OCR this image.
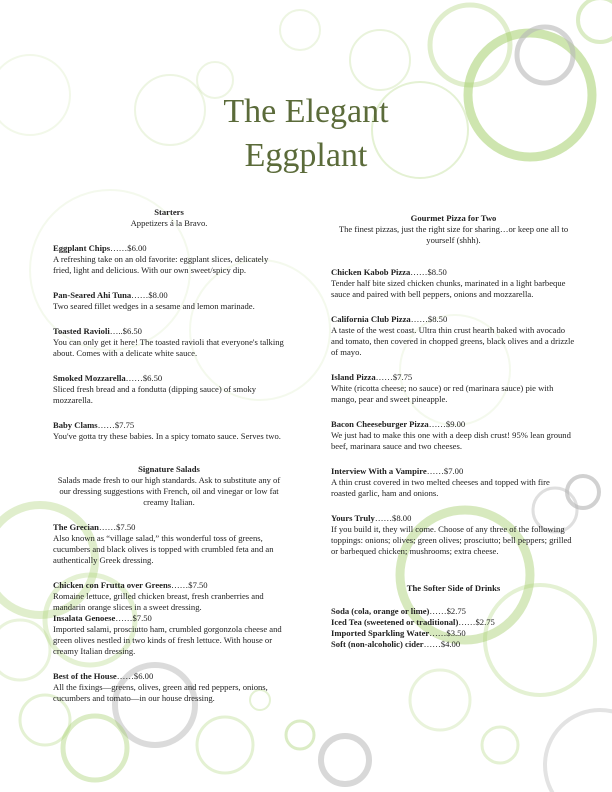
The Elegant
Eggplant
Starters
Appetizers á la Bravo.
Eggplant Chips……$6.00
A refreshing take on an old favorite: eggplant slices, delicately fried, light and delicious. With our own sweet/spicy dip.
Pan-Seared Ahi Tuna……$8.00
Two seared fillet wedges in a sesame and lemon marinade.
Toasted Ravioli…..$6.50
You can only get it here! The toasted ravioli that everyone's talking about. Comes with a delicate white sauce.
Smoked Mozzarella……$6.50
Sliced fresh bread and a fondutta (dipping sauce) of smoky mozzarella.
Baby Clams……$7.75
You've gotta try these babies. In a spicy tomato sauce. Serves two.
Signature Salads
Salads made fresh to our high standards. Ask to substitute any of our dressing suggestions with French, oil and vinegar or low fat creamy Italian.
The Grecian……$7.50
Also known as “village salad,” this wonderful toss of greens, cucumbers and black olives is topped with crumbled feta and an authentically Greek dressing.
Chicken con Frutta over Greens……$7.50
Romaine lettuce, grilled chicken breast, fresh cranberries and mandarin orange slices in a sweet dressing.
Insalata Genoese……$7.50
Imported salami, prosciutto ham, crumbled gorgonzola cheese and green olives nestled in two kinds of fresh lettuce. With house or creamy Italian dressing.
Best of the House……$6.00
All the fixings—greens, olives, green and red peppers, onions, cucumbers and tomato—in our house dressing.
Gourmet Pizza for Two
The finest pizzas, just the right size for sharing…or keep one all to yourself (shhh).
Chicken Kabob Pizza……$8.50
Tender half bite sized chicken chunks, marinated in a light barbeque sauce and paired with bell peppers, onions and mozzarella.
California Club Pizza……$8.50
A taste of the west coast. Ultra thin crust hearth baked with avocado and tomato, then covered in chopped greens, black olives and a drizzle of mayo.
Island Pizza……$7.75
White (ricotta cheese; no sauce) or red (marinara sauce) pie with mango, pear and sweet pineapple.
Bacon Cheeseburger Pizza……$9.00
We just had to make this one with a deep dish crust! 95% lean ground beef, marinara sauce and two cheeses.
Interview With a Vampire……$7.00
A thin crust covered in two melted cheeses and topped with fire roasted garlic, ham and onions.
Yours Truly……$8.00
If you build it, they will come. Choose of any three of the following toppings: onions; olives; green olives; prosciutto; bell peppers; grilled or barbequed chicken; mushrooms; extra cheese.
The Softer Side of Drinks
Soda (cola, orange or lime)……$2.75
Iced Tea (sweetened or traditional)……$2.75
Imported Sparkling Water……$3.50
Soft (non-alcoholic) cider……$4.00
